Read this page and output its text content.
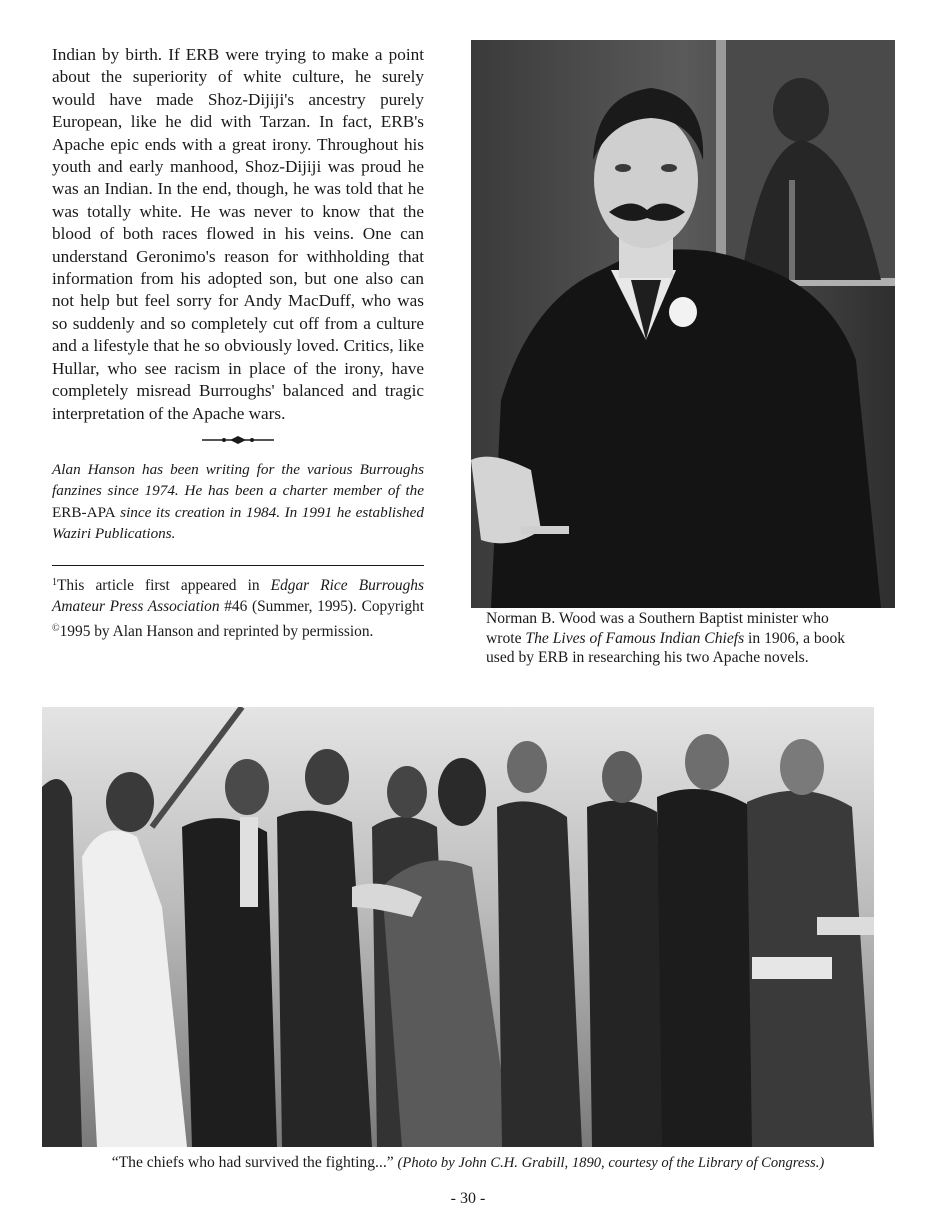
Indian by birth. If ERB were trying to make a point about the superiority of white culture, he surely would have made Shoz-Dijiji's ancestry purely European, like he did with Tarzan. In fact, ERB's Apache epic ends with a great irony. Throughout his youth and early manhood, Shoz-Dijiji was proud he was an Indian. In the end, though, he was told that he was totally white. He was never to know that the blood of both races flowed in his veins. One can understand Geronimo's reason for withholding that information from his adopted son, but one also can not help but feel sorry for Andy MacDuff, who was so suddenly and so completely cut off from a culture and a lifestyle that he so obviously loved. Critics, like Hullar, who see racism in place of the irony, have completely misread Burroughs' balanced and tragic interpretation of the Apache wars.

Alan Hanson has been writing for the various Burroughs fanzines since 1974. He has been a charter member of the ERB-APA since its creation in 1984. In 1991 he established Waziri Publications.

$^1$This article first appeared in Edgar Rice Burroughs Amateur Press Association #46 (Summer, 1995). Copyright ©1995 by Alan Hanson and reprinted by permission.

Norman B. Wood was a Southern Baptist minister who wrote The Lives of Famous Indian Chiefs in 1906, a book used by ERB in researching his two Apache novels.

“The chiefs who had survived the fighting...” (Photo by John C.H. Grabill, 1890, courtesy of the Library of Congress.)

- 30 -
